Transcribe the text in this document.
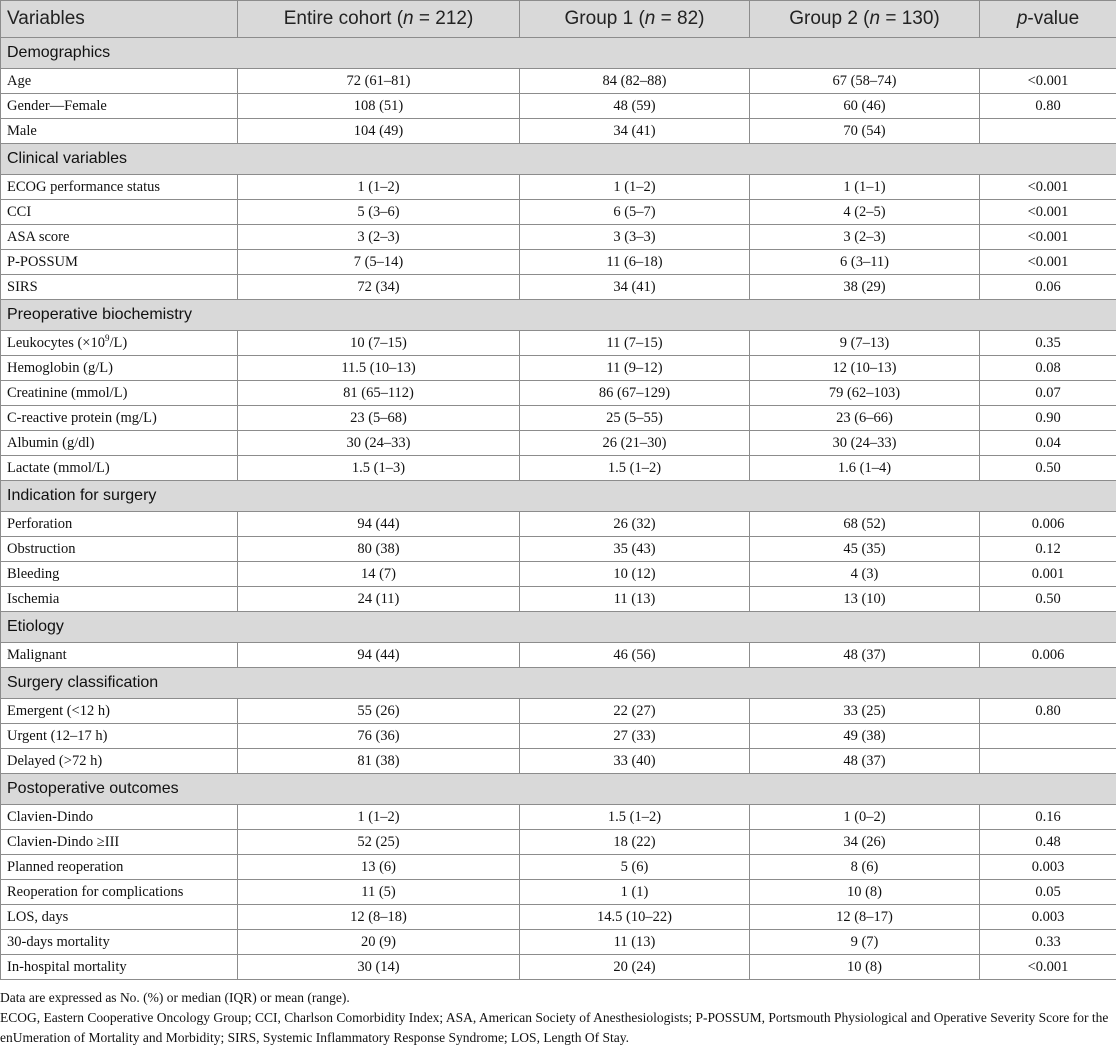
Variables	Entire cohort (n = 212)	Group 1 (n = 82)	Group 2 (n = 130)	p-value
Demographics				
Age	72 (61–81)	84 (82–88)	67 (58–74)	<0.001
Gender—Female	108 (51)	48 (59)	60 (46)	0.80
Male	104 (49)	34 (41)	70 (54)	
Clinical variables				
ECOG performance status	1 (1–2)	1 (1–2)	1 (1–1)	<0.001
CCI	5 (3–6)	6 (5–7)	4 (2–5)	<0.001
ASA score	3 (2–3)	3 (3–3)	3 (2–3)	<0.001
P-POSSUM	7 (5–14)	11 (6–18)	6 (3–11)	<0.001
SIRS	72 (34)	34 (41)	38 (29)	0.06
Preoperative biochemistry				
Leukocytes $(\times 10^9/L)$	10 (7–15)	11 (7–15)	9 (7–13)	0.35
Hemoglobin (g/L)	11.5 (10–13)	11 (9–12)	12 (10–13)	0.08
Creatinine (mmol/L)	81 (65–112)	86 (67–129)	79 (62–103)	0.07
C-reactive protein (mg/L)	23 (5–68)	25 (5–55)	23 (6–66)	0.90
Albumin (g/dl)	30 (24–33)	26 (21–30)	30 (24–33)	0.04
Lactate (mmol/L)	1.5 (1–3)	1.5 (1–2)	1.6 (1–4)	0.50
Indication for surgery				
Perforation	94 (44)	26 (32)	68 (52)	0.006
Obstruction	80 (38)	35 (43)	45 (35)	0.12
Bleeding	14 (7)	10 (12)	4 (3)	0.001
Ischemia	24 (11)	11 (13)	13 (10)	0.50
Etiology				
Malignant	94 (44)	46 (56)	48 (37)	0.006
Surgery classification				
Emergent (<12 h)	55 (26)	22 (27)	33 (25)	0.80
Urgent (12–17 h)	76 (36)	27 (33)	49 (38)	
Delayed (>72 h)	81 (38)	33 (40)	48 (37)	
Postoperative outcomes				
Clavien-Dindo	1 (1–2)	1.5 (1–2)	1 (0–2)	0.16
Clavien-Dindo ≥III	52 (25)	18 (22)	34 (26)	0.48
Planned reoperation	13 (6)	5 (6)	8 (6)	0.003
Reoperation for complications	11 (5)	1 (1)	10 (8)	0.05
LOS, days	12 (8–18)	14.5 (10–22)	12 (8–17)	0.003
30-days mortality	20 (9)	11 (13)	9 (7)	0.33
In-hospital mortality	30 (14)	20 (24)	10 (8)	<0.001

Data are expressed as No. (%) or median (IQR) or mean (range).

ECOG, Eastern Cooperative Oncology Group; CCI, Charlson Comorbidity Index; ASA, American Society of Anesthesiologists; P-POSSUM, Portsmouth Physiological and Operative Severity Score for the enUmeration of Mortality and Morbidity; SIRS, Systemic Inflammatory Response Syndrome; LOS, Length Of Stay.
